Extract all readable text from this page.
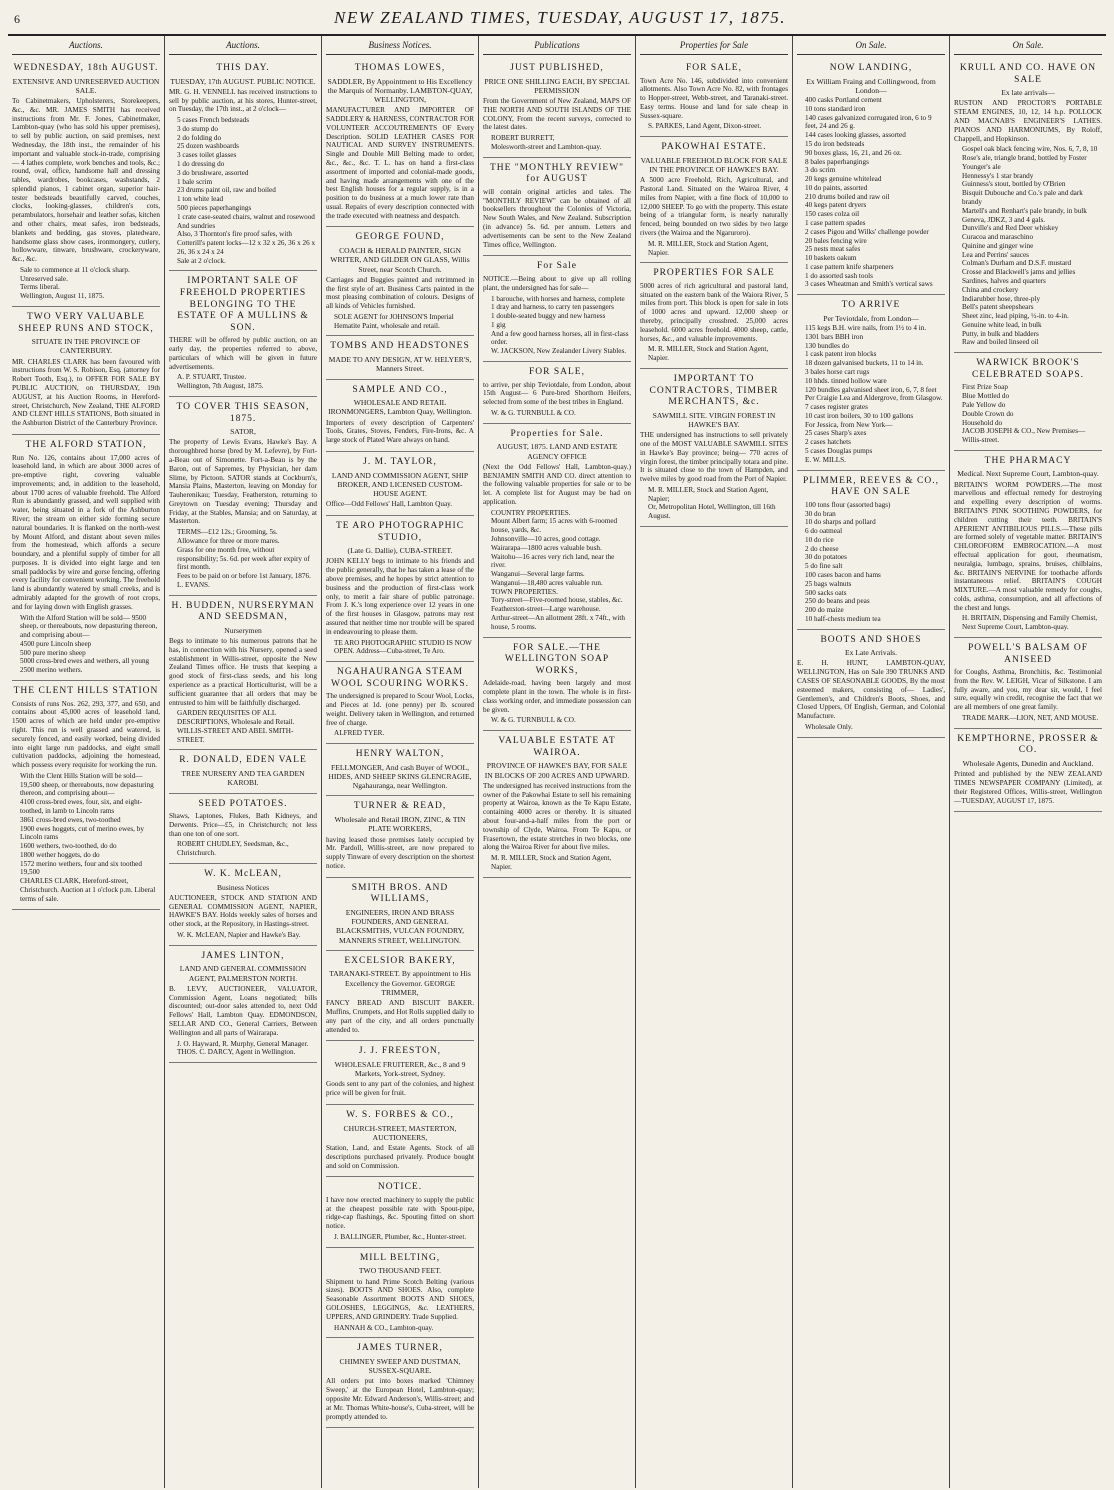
6	NEW ZEALAND TIMES, TUESDAY, AUGUST 17, 1875.
Auctions.
WEDNESDAY, 18th AUGUST.
EXTENSIVE AND UNRESERVED AUCTION SALE.
To Cabinetmakers, Upholsterers, Storekeepers, &c., &c. MR. JAMES SMITH has received instructions from Mr. F. Jones, Cabinetmaker, Lambton-quay (who has sold his upper premises), to sell by public auction, on said premises, next Wednesday, the 18th inst., the remainder of his important and valuable stock-in-trade, comprising— 4 lathes complete, work benches and tools, &c.; round, oval, office, handsome hall and dressing tables, wardrobes, bookcases, washstands, 2 splendid pianos, 1 cabinet organ, superior hair-tester bedsteads beautifully carved, couches, clocks, looking-glasses, children's cots, perambulators, horsehair and leather sofas, kitchen and other chairs, meat safes, iron bedsteads, blankets and bedding, gas stoves, platedware, handsome glass show cases, ironmongery, cutlery, hollowware, tinware, brushware, crockeryware, &c., &c.
Sale to commence at 11 o'clock sharp.
Unreserved sale.
Terms liberal.
Wellington, August 11, 1875.
TWO VERY VALUABLE SHEEP RUNS AND STOCK,
SITUATE IN THE PROVINCE OF CANTERBURY.
MR. CHARLES CLARK has been favoured with instructions from W. S. Robison, Esq. (attorney for Robert Tooth, Esq.), to OFFER FOR SALE BY PUBLIC AUCTION, on THURSDAY, 19th AUGUST, at his Auction Rooms, in Hereford-street, Christchurch, New Zealand, THE ALFORD AND CLENT HILLS STATIONS, Both situated in the Ashburton District of the Canterbury Province.
THE ALFORD STATION,
Run No. 126, contains about 17,000 acres of leasehold land, in which are about 3000 acres of pre-emptive right, covering valuable improvements; and, in addition to the leasehold, about 1700 acres of valuable freehold. The Alford Run is abundantly grassed, and well supplied with water, being situated in a fork of the Ashburton River; the stream on either side forming secure natural boundaries. It is flanked on the north-west by Mount Alford, and distant about seven miles from the homestead, which affords a secure boundary, and a plentiful supply of timber for all purposes. It is divided into eight large and ten small paddocks by wire and gorse fencing, offering every facility for convenient working. The freehold land is abundantly watered by small creeks, and is admirably adapted for the growth of root crops, and for laying down with English grasses.
With the Alford Station will be sold— 9500 sheep, or thereabouts, now depasturing thereon, and comprising about—
4500 pure Lincoln sheep
500 pure merino sheep
5000 cross-bred ewes and wethers, all young
2500 merino wethers.
THE CLENT HILLS STATION
Consists of runs Nos. 262, 293, 377, and 650, and contains about 45,000 acres of leasehold land, 1500 acres of which are held under pre-emptive right. This run is well grassed and watered, is securely fenced, and easily worked, being divided into eight large run paddocks, and eight small cultivation paddocks, adjoining the homestead, which possess every requisite for working the run.
With the Clent Hills Station will be sold— 19,500 sheep, or thereabouts, now depasturing thereon, and comprising about—
4100 cross-bred ewes, four, six, and eight-toothed, in lamb to Lincoln rams
3861 cross-bred ewes, two-toothed
1900 ewes hoggets, cut of merino ewes, by Lincoln rams
1600 wethers, two-toothed, do do
1800 wether hoggets, do do
1572 merino wethers, four and six toothed
19,500
CHARLES CLARK, Hereford-street, Christchurch. Auction at 1 o'clock p.m. Liberal terms of sale.
Auctions.
THIS DAY.
TUESDAY, 17th AUGUST. PUBLIC NOTICE.
MR. G. H. VENNELL has received instructions to sell by public auction, at his stores, Hunter-street, on Tuesday, the 17th inst., at 2 o'clock—
5 cases French bedsteads
3 do stump do
2 do folding do
25 dozen washboards
3 cases toilet glasses
1 do dressing do
3 do brushware, assorted
1 bale scrim
23 drums paint oil, raw and boiled
1 ton white lead
500 pieces paperhangings
1 crate case-seated chairs, walnut and rosewood
And sundries
Also, 3 Thornton's fire proof safes, with Cotterill's patent locks—12 x 32 x 26, 36 x 26 x 26, 36 x 24 x 24
Sale at 2 o'clock.
IMPORTANT SALE OF FREEHOLD PROPERTIES BELONGING TO THE ESTATE OF A MULLINS & SON.
THERE will be offered by public auction, on an early day, the properties referred to above, particulars of which will be given in future advertisements.
A. P. STUART, Trustee.
Wellington, 7th August, 1875.
TO COVER THIS SEASON, 1875.
SATOR,
The property of Lewis Evans, Hawke's Bay. A thoroughbred horse (bred by M. Lefevre), by Fort-a-Beau out of Simonette. Fort-a-Beau is by the Baron, out of Sapremes, by Physician, her dam Slime, by Pictoon. SATOR stands at Cockburn's, Mansia Plains, Masterton, leaving on Monday for Tauherenikau; Tuesday, Featherston, returning to Greytown on Tuesday evening; Thursday and Friday, at the Stables, Mansia; and on Saturday, at Masterton.
TERMS—£12 12s.; Grooming, 5s.
Allowance for three or more mares.
Grass for one month free, without responsibility; 5s. 6d. per week after expiry of first month.
Fees to be paid on or before 1st January, 1876. L. EVANS.
H. BUDDEN, NURSERYMAN AND SEEDSMAN,
Nurserymen
Begs to intimate to his numerous patrons that he has, in connection with his Nursery, opened a seed establishment in Willis-street, opposite the New Zealand Times office. He trusts that keeping a good stock of first-class seeds, and his long experience as a practical Horticulturist, will be a sufficient guarantee that all orders that may be entrusted to him will be faithfully discharged.
GARDEN REQUISITES OF ALL DESCRIPTIONS, Wholesale and Retail.
WILLIS-STREET AND ABEL SMITH-STREET.
R. DONALD, EDEN VALE
TREE NURSERY AND TEA GARDEN KAROBI.
SEED POTATOES.
Shaws, Laptones, Flukes, Bath Kidneys, and Derwents. Price—£5, in Christchurch; not less than one ton of one sort.
ROBERT CHUDLEY, Seedsman, &c., Christchurch.
W. K. McLEAN,
Business Notices
AUCTIONEER, STOCK AND STATION AND GENERAL COMMISSION AGENT, NAPIER, HAWKE'S BAY. Holds weekly sales of horses and other stock, at the Repository, in Hastings-street.
W. K. McLEAN, Napier and Hawke's Bay.
JAMES LINTON,
LAND AND GENERAL COMMISSION AGENT, PALMERSTON NORTH.
B. LEVY, AUCTIONEER, VALUATOR, Commission Agent, Loans negotiated; bills discounted; out-door sales attended to, next Odd Fellows' Hall, Lambton Quay. EDMONDSON, SELLAR AND CO., General Carriers, Between Wellington and all parts of Wairarapa.
J. O. Hayward, R. Murphy, General Manager. THOS. C. DARCY, Agent in Wellington.
Business Notices.
THOMAS LOWES,
SADDLER, By Appointment to His Excellency the Marquis of Normanby. LAMBTON-QUAY, WELLINGTON,
MANUFACTURER AND IMPORTER OF SADDLERY & HARNESS, CONTRACTOR FOR VOLUNTEER ACCOUTREMENTS OF Every Description. SOLID LEATHER CASES FOR NAUTICAL AND SURVEY INSTRUMENTS. Single and Double Mill Belting made to order, &c., &c., &c. T. L. has on hand a first-class assortment of imported and colonial-made goods, and having made arrangements with one of the best English houses for a regular supply, is in a position to do business at a much lower rate than usual. Repairs of every description connected with the trade executed with neatness and despatch.
GEORGE FOUND,
COACH & HERALD PAINTER, SIGN WRITER, AND GILDER ON GLASS, Willis Street, near Scotch Church.
Carriages and Buggies painted and retrimmed in the first style of art. Business Carts painted in the most pleasing combination of colours. Designs of all kinds of Vehicles furnished.
SOLE AGENT for JOHNSON'S Imperial Hematite Paint, wholesale and retail.
TOMBS AND HEADSTONES
MADE TO ANY DESIGN, AT W. HELYER'S, Manners Street.
SAMPLE AND CO.,
WHOLESALE AND RETAIL IRONMONGERS, Lambton Quay, Wellington.
Importers of every description of Carpenters' Tools, Grates, Stoves, Fenders, Fire-Irons, &c. A large stock of Plated Ware always on hand.
J. M. TAYLOR,
LAND AND COMMISSION AGENT, SHIP BROKER, AND LICENSED CUSTOM-HOUSE AGENT.
Office—Odd Fellows' Hall, Lambton Quay.
TE ARO PHOTOGRAPHIC STUDIO,
(Late G. Dallie), CUBA-STREET.
JOHN KELLY begs to intimate to his friends and the public generally, that he has taken a lease of the above premises, and he hopes by strict attention to business and the production of first-class work only, to merit a fair share of public patronage. From J. K.'s long experience over 12 years in one of the first houses in Glasgow, patrons may rest assured that neither time nor trouble will be spared in endeavouring to please them.
TE ARO PHOTOGRAPHIC STUDIO IS NOW OPEN. Address—Cuba-street, Te Aro.
NGAHAURANGA STEAM WOOL SCOURING WORKS.
The undersigned is prepared to Scour Wool, Locks, and Pieces at 1d. (one penny) per lb. scoured weight. Delivery taken in Wellington, and returned free of charge.
ALFRED TYER.
HENRY WALTON,
FELLMONGER, And cash Buyer of WOOL, HIDES, AND SHEEP SKINS GLENCRAGIE, Ngahauranga, near Wellington.
TURNER & READ,
Wholesale and Retail IRON, ZINC, & TIN PLATE WORKERS,
having leased those premises lately occupied by Mr. Pardoll, Willis-street, are now prepared to supply Tinware of every description on the shortest notice.
SMITH BROS. AND WILLIAMS,
ENGINEERS, IRON AND BRASS FOUNDERS, AND GENERAL BLACKSMITHS, VULCAN FOUNDRY, MANNERS STREET, WELLINGTON.
EXCELSIOR BAKERY,
TARANAKI-STREET. By appointment to His Excellency the Governor. GEORGE TRIMMER,
FANCY BREAD AND BISCUIT BAKER. Muffins, Crumpets, and Hot Rolls supplied daily to any part of the city, and all orders punctually attended to.
J. J. FREESTON,
WHOLESALE FRUITERER, &c., 8 and 9 Markets, York-street, Sydney.
Goods sent to any part of the colonies, and highest price will be given for fruit.
W. S. FORBES & CO.,
CHURCH-STREET, MASTERTON, AUCTIONEERS,
Station, Land, and Estate Agents. Stock of all descriptions purchased privately. Produce bought and sold on Commission.
NOTICE.
I have now erected machinery to supply the public at the cheapest possible rate with Spout-pipe, ridge-cap flashings, &c. Spouting fitted on short notice.
J. BALLINGER, Plumber, &c., Hunter-street.
MILL BELTING,
TWO THOUSAND FEET.
Shipment to hand Prime Scotch Belting (various sizes). BOOTS AND SHOES. Also, complete Seasonable Assortment BOOTS AND SHOES, GOLOSHES, LEGGINGS, &c. LEATHERS, UPPERS, AND GRINDERY. Trade Supplied.
HANNAH & CO., Lambton-quay.
JAMES TURNER,
CHIMNEY SWEEP AND DUSTMAN, SUSSEX-SQUARE.
All orders put into boxes marked 'Chimney Sweep,' at the European Hotel, Lambton-quay; opposite Mr. Edward Anderson's, Willis-street; and at Mr. Thomas White-house's, Cuba-street, will be promptly attended to.
Publications
JUST PUBLISHED,
PRICE ONE SHILLING EACH, BY SPECIAL PERMISSION
From the Government of New Zealand, MAPS OF THE NORTH AND SOUTH ISLANDS OF THE COLONY, From the recent surveys, corrected to the latest dates.
ROBERT BURRETT,
Molesworth-street and Lambton-quay.
THE "MONTHLY REVIEW" for AUGUST
will contain original articles and tales. The "MONTHLY REVIEW" can be obtained of all booksellers throughout the Colonies of Victoria, New South Wales, and New Zealand. Subscription (in advance) 5s. 6d. per annum. Letters and advertisements can be sent to the New Zealand Times office, Wellington.
For Sale
NOTICE.—Being about to give up all rolling plant, the undersigned has for sale—
1 barouche, with horses and harness, complete
1 dray and harness, to carry ten passengers
1 double-seated buggy and new harness
1 gig
And a few good harness horses, all in first-class order.
W. JACKSON, New Zealander Livery Stables.
FOR SALE,
to arrive, per ship Teviotdale, from London, about 15th August— 6 Pure-bred Shorthorn Heifers, selected from some of the best tribes in England.
W. & G. TURNBULL & CO.
Properties for Sale.
AUGUST, 1875. LAND AND ESTATE AGENCY OFFICE
(Next the Odd Fellows' Hall, Lambton-quay.) BENJAMIN SMITH AND CO. direct attention to the following valuable properties for sale or to be let. A complete list for August may be had on application.
COUNTRY PROPERTIES.
Mount Albert farm; 15 acres with 6-roomed house, yards, &c.
Johnsonville—10 acres, good cottage.
Wairarapa—1800 acres valuable bush.
Waitohu—16 acres very rich land, near the river.
Wanganui—Several large farms.
Wanganui—18,480 acres valuable run.
TOWN PROPERTIES.
Tory-street—Five-roomed house, stables, &c.
Featherston-street—Large warehouse.
Arthur-street—An allotment 28ft. x 74ft., with house, 5 rooms.
FOR SALE.—THE WELLINGTON SOAP WORKS,
Adelaide-road, having been largely and most complete plant in the town. The whole is in first-class working order, and immediate possession can be given.
W. & G. TURNBULL & CO.
VALUABLE ESTATE AT WAIROA.
PROVINCE OF HAWKE'S BAY, FOR SALE IN BLOCKS OF 200 ACRES AND UPWARD.
The undersigned has received instructions from the owner of the Pakowhai Estate to sell his remaining property at Wairoa, known as the Te Kapu Estate, containing 4000 acres or thereby. It is situated about four-and-a-half miles from the port or township of Clyde, Wairoa. From Te Kapu, or Frasertown, the estate stretches in two blocks, one along the Wairoa River for about five miles.
M. R. MILLER, Stock and Station Agent, Napier.
Properties for Sale
FOR SALE,
Town Acre No. 146, subdivided into convenient allotments. Also Town Acre No. 82, with frontages to Hopper-street, Webb-street, and Taranaki-street. Easy terms. House and land for sale cheap in Sussex-square.
S. PARKES, Land Agent, Dixon-street.
PAKOWHAI ESTATE.
VALUABLE FREEHOLD BLOCK FOR SALE IN THE PROVINCE OF HAWKE'S BAY.
A 5000 acre Freehold, Rich, Agricultural, and Pastoral Land. Situated on the Wairoa River, 4 miles from Napier, with a fine flock of 10,000 to 12,000 SHEEP. To go with the property. This estate being of a triangular form, is nearly naturally fenced, being bounded on two sides by two large rivers (the Wairoa and the Ngaruroro).
M. R. MILLER, Stock and Station Agent, Napier.
PROPERTIES FOR SALE
5000 acres of rich agricultural and pastoral land, situated on the eastern bank of the Waiora River, 5 miles from port. This block is open for sale in lots of 1000 acres and upward. 12,000 sheep or thereby, principally crossbred. 25,000 acres leasehold. 6000 acres freehold. 4000 sheep, cattle, horses, &c., and valuable improvements.
M. R. MILLER, Stock and Station Agent, Napier.
IMPORTANT TO CONTRACTORS, TIMBER MERCHANTS, &c.
SAWMILL SITE. VIRGIN FOREST IN HAWKE'S BAY.
THE undersigned has instructions to sell privately one of the MOST VALUABLE SAWMILL SITES in Hawke's Bay province; being— 770 acres of virgin forest, the timber principally totara and pine. It is situated close to the town of Hampden, and twelve miles by good road from the Port of Napier.
M. R. MILLER, Stock and Station Agent, Napier;
Or, Metropolitan Hotel, Wellington, till 16th August.
On Sale.
NOW LANDING,
Ex William Fraing and Collingwood, from London—
400 casks Portland cement
10 tons standard iron
140 cases galvanized corrugated iron, 6 to 9 feet, 24 and 26 g.
144 cases looking glasses, assorted
15 do iron bedsteads
90 boxes glass, 16, 21, and 26 oz.
8 bales paperhangings
3 do scrim
20 kegs genuine whitelead
10 do paints, assorted
210 drums boiled and raw oil
40 kegs patent dryers
150 cases colza oil
1 case pattern spades
2 cases Pigou and Wilks' challenge powder
20 bales fencing wire
25 nests meat safes
10 baskets oakum
1 case pattern knife sharpeners
1 do assorted sash tools
3 cases Wheatman and Smith's vertical saws
TO ARRIVE
Per Teviotdale, from London—
115 kegs B.H. wire nails, from 1½ to 4 in.
1301 bars BBH iron
130 bundles do
1 cask patent iron blocks
18 dozen galvanised buckets, 11 to 14 in.
3 bales horse cart rugs
10 hhds. tinned hollow ware
120 bundles galvanised sheet iron, 6, 7, 8 feet
Per Craigie Lea and Aldergrove, from Glasgow.
7 cases register grates
10 cast iron boilers, 30 to 100 gallons
For Jessica, from New York—
25 cases Sharp's axes
2 cases hatchets
5 cases Douglas pumps
E. W. MILLS.
PLIMMER, REEVES & CO., HAVE ON SALE
100 tons flour (assorted bags)
30 do bran
10 do sharps and pollard
6 do oatmeal
10 do rice
2 do cheese
30 do potatoes
5 do fine salt
100 cases bacon and hams
25 bags walnuts
500 sacks oats
250 do beans and peas
200 do maize
10 half-chests medium tea
BOOTS AND SHOES
Ex Late Arrivals.
E. H. HUNT, LAMBTON-QUAY, WELLINGTON, Has on Sale 390 TRUNKS AND CASES OF SEASONABLE GOODS, By the most esteemed makers, consisting of— Ladies', Gentlemen's, and Children's Boots, Shoes, and Closed Uppers, Of English, German, and Colonial Manufacture.
Wholesale Only.
On Sale.
KRULL AND CO. HAVE ON SALE
Ex late arrivals—
RUSTON AND PROCTOR'S PORTABLE STEAM ENGINES, 10, 12, 14 h.p. POLLOCK AND MACNAB'S ENGINEER'S LATHES. PIANOS AND HARMONIUMS, By Roloff, Chappell, and Hopkinson.
Gospel oak black fencing wire, Nos. 6, 7, 8, 10
Rose's ale, triangle brand, bottled by Foster
Younger's ale
Hennessy's 1 star brandy
Guinness's stout, bottled by O'Brien
Bisquit Dubouche and Co.'s pale and dark brandy
Martell's and Renhart's pale brandy, in bulk
Geneva, JDKZ, 3 and 4 gals.
Dunville's and Red Deer whiskey
Curacoa and maraschino
Quinine and ginger wine
Lea and Perrins' sauces
Colman's Durham and D.S.F. mustard
Crosse and Blackwell's jams and jellies
Sardines, halves and quarters
China and crockery
Indiarubber hose, three-ply
Bell's patent sheepshears
Sheet zinc, lead piping, ½-in. to 4-in.
Genuine white lead, in bulk
Putty, in bulk and bladders
Raw and boiled linseed oil
WARWICK BROOK'S CELEBRATED SOAPS.
First Prize Soap
Blue Mottled do
Pale Yellow do
Double Crown do
Household do
JACOB JOSEPH & CO., New Premises—Willis-street.
THE PHARMACY
Medical. Next Supreme Court, Lambton-quay.
BRITAIN'S WORM POWDERS.—The most marvellous and effectual remedy for destroying and expelling every description of worms. BRITAIN'S PINK SOOTHING POWDERS, for children cutting their teeth. BRITAIN'S APERIENT ANTIBILIOUS PILLS.—These pills are formed solely of vegetable matter. BRITAIN'S CHLOROFORM EMBROCATION.—A most effectual application for gout, rheumatism, neuralgia, lumbago, sprains, bruises, chilblains, &c. BRITAIN'S NERVINE for toothache affords instantaneous relief. BRITAIN'S COUGH MIXTURE.—A most valuable remedy for coughs, colds, asthma, consumption, and all affections of the chest and lungs.
H. BRITAIN, Dispensing and Family Chemist, Next Supreme Court, Lambton-quay.
POWELL'S BALSAM OF ANISEED
for Coughs, Asthma, Bronchitis, &c. Testimonial from the Rev. W. LEIGH, Vicar of Silkstone. I am fully aware, and you, my dear sir, would, I feel sure, equally win credit, recognise the fact that we are all members of one great family.
TRADE MARK—LION, NET, AND MOUSE.
KEMPTHORNE, PROSSER & CO.
Wholesale Agents, Dunedin and Auckland.
Printed and published by the NEW ZEALAND TIMES NEWSPAPER COMPANY (Limited), at their Registered Offices, Willis-street, Wellington—TUESDAY, AUGUST 17, 1875.
